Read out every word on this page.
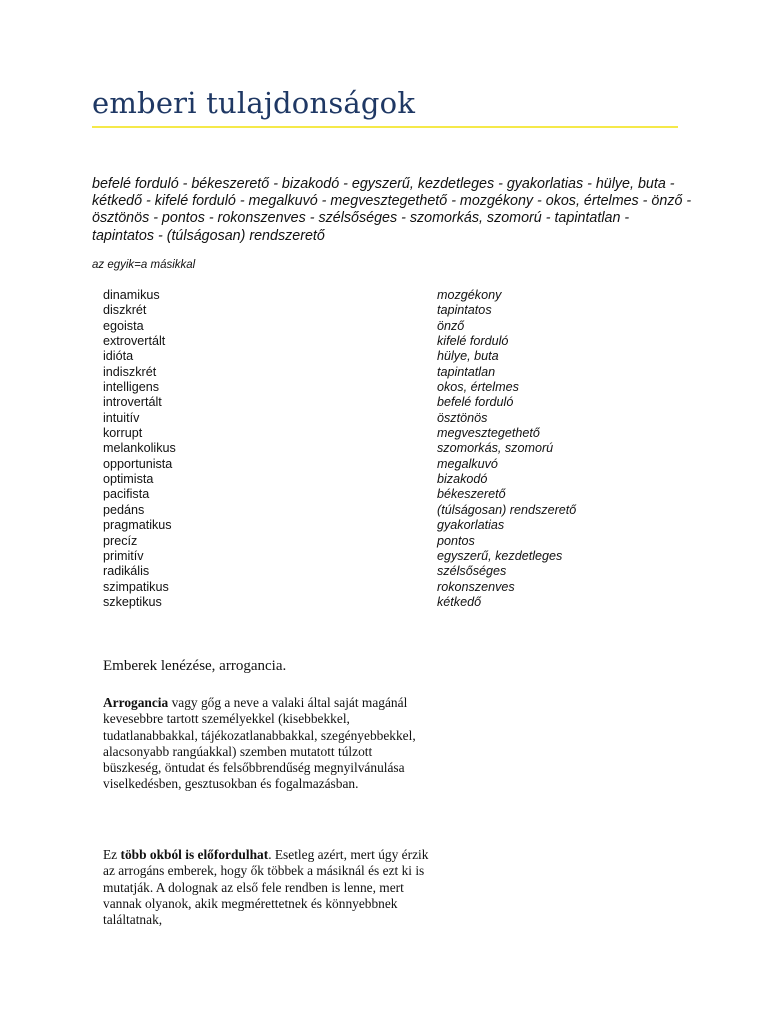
emberi tulajdonságok
befelé forduló - békeszerető - bizakodó - egyszerű, kezdetleges - gyakorlatias - hülye, buta - kétkedő - kifelé forduló - megalkuvó - megvesztegethető - mozgékony - okos, értelmes - önző - ösztönös - pontos - rokonszenves - szélsőséges - szomorkás, szomorú - tapintatlan - tapintatos - (túlságosan) rendszerető
az egyik=a másikkal
dinamikus	mozgékony
diszkrét	tapintatos
egoista	önző
extrovertált	kifelé forduló
idióta	hülye, buta
indiszkrét	tapintatlan
intelligens	okos, értelmes
introvertált	befelé forduló
intuitív	ösztönös
korrupt	megvesztegethető
melankolikus	szomorkás, szomorú
opportunista	megalkuvó
optimista	bizakodó
pacifista	békeszerető
pedáns	(túlságosan) rendszerető
pragmatikus	gyakorlatias
precíz	pontos
primitív	egyszerű, kezdetleges
radikális	szélsőséges
szimpatikus	rokonszenves
szkeptikus	kétkedő
Emberek lenézése, arrogancia.
Arrogancia vagy gőg a neve a valaki által saját magánál kevesebbre tartott személyekkel (kisebbekkel, tudatlanabbakkal, tájékozatlanabbakkal, szegényebbekkel, alacsonyabb rangúakkal) szemben mutatott túlzott büszkeség, öntudat és felsőbbrendűség megnyilvánulása viselkedésben, gesztusokban és fogalmazásban.
Ez több okból is előfordulhat. Esetleg azért, mert úgy érzik az arrogáns emberek, hogy ők többek a másiknál és ezt ki is mutatják. A dolognak az első fele rendben is lenne, mert vannak olyanok, akik megmérettetnek és könnyebbnek találtatnak,
